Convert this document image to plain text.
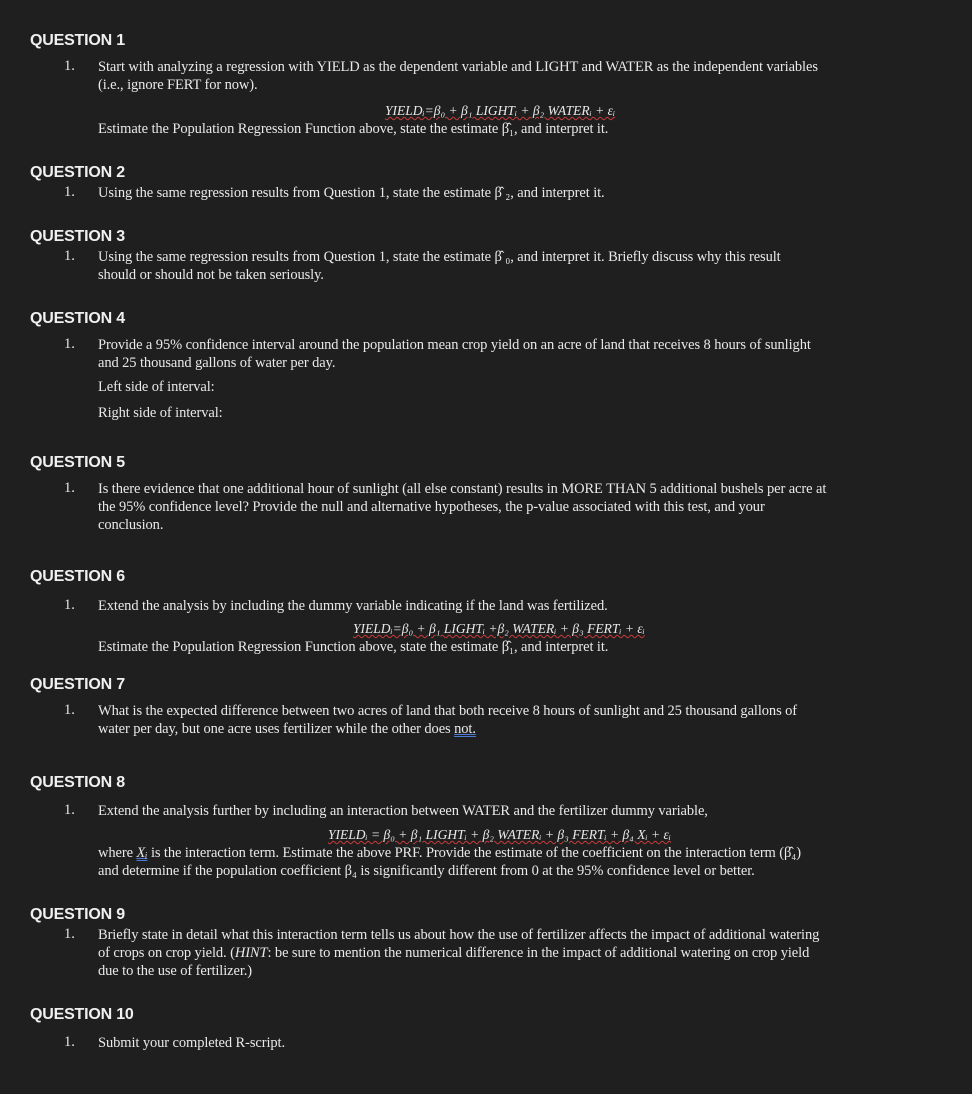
QUESTION 1
1. Start with analyzing a regression with YIELD as the dependent variable and LIGHT and WATER as the independent variables
(i.e., ignore FERT for now).
YIELDᵢ=β₀ + β₁ LIGHTᵢ + β₂ WATERᵢ + εᵢ
Estimate the Population Regression Function above, state the estimate β̂₁, and interpret it.
QUESTION 2
1. Using the same regression results from Question 1, state the estimate β̂ ₂, and interpret it.
QUESTION 3
1. Using the same regression results from Question 1, state the estimate β̂ ₀, and interpret it. Briefly discuss why this result
should or should not be taken seriously.
QUESTION 4
1. Provide a 95% confidence interval around the population mean crop yield on an acre of land that receives 8 hours of sunlight
and 25 thousand gallons of water per day.
Left side of interval:
Right side of interval:
QUESTION 5
1. Is there evidence that one additional hour of sunlight (all else constant) results in MORE THAN 5 additional bushels per acre at
the 95% confidence level? Provide the null and alternative hypotheses, the p-value associated with this test, and your
conclusion.
QUESTION 6
1. Extend the analysis by including the dummy variable indicating if the land was fertilized.
YIELDᵢ=β₀ + β₁ LIGHTᵢ +β₂ WATERᵢ + β₃ FERTᵢ + εᵢ
Estimate the Population Regression Function above, state the estimate β̂₁, and interpret it.
QUESTION 7
1. What is the expected difference between two acres of land that both receive 8 hours of sunlight and 25 thousand gallons of
water per day, but one acre uses fertilizer while the other does not.
QUESTION 8
1. Extend the analysis further by including an interaction between WATER and the fertilizer dummy variable,
YIELDᵢ = β₀ + β₁ LIGHTᵢ + β₂ WATERᵢ + β₃ FERTᵢ + β₄ Xᵢ + εᵢ
where Xᵢ is the interaction term. Estimate the above PRF. Provide the estimate of the coefficient on the interaction term (β̂₄)
and determine if the population coefficient β₄ is significantly different from 0 at the 95% confidence level or better.
QUESTION 9
1. Briefly state in detail what this interaction term tells us about how the use of fertilizer affects the impact of additional watering
of crops on crop yield. (HINT: be sure to mention the numerical difference in the impact of additional watering on crop yield
due to the use of fertilizer.)
QUESTION 10
1. Submit your completed R-script.
